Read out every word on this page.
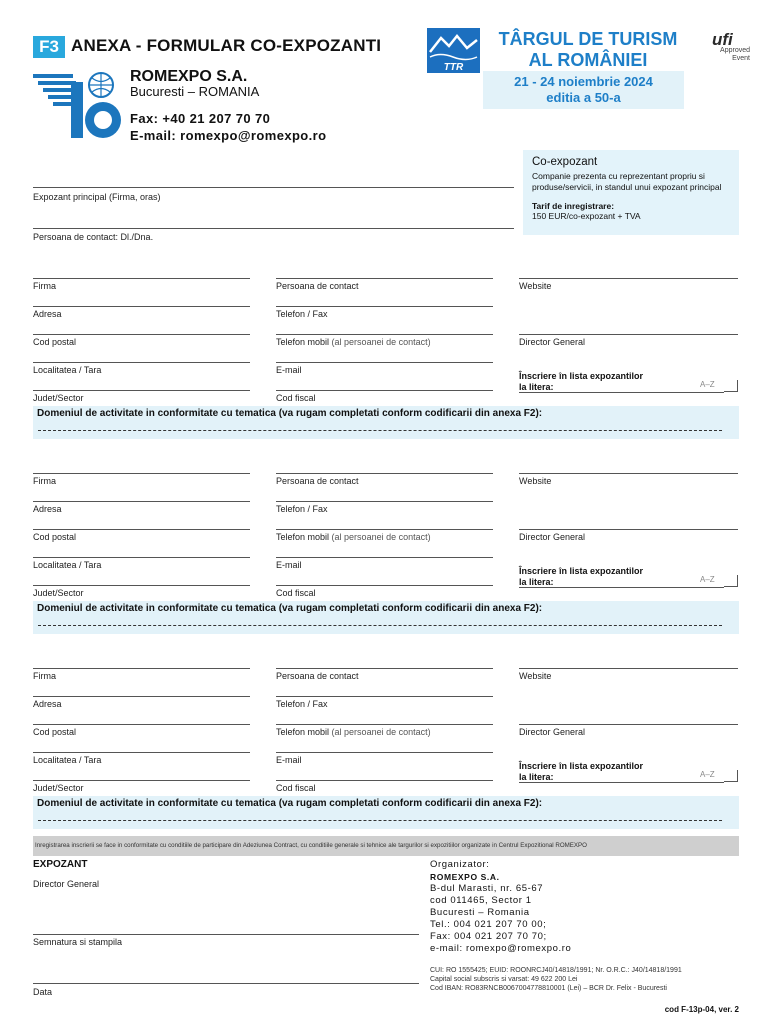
F3 ANEXA - FORMULAR CO-EXPOZANTI
ROMEXPO S.A.
Bucuresti – ROMANIA
Fax: +40 21 207 70 70
E-mail: romexpo@romexpo.ro
TTR
TÂRGUL DE TURISM
AL ROMÂNIEI
ufi
Approved
Event
21 - 24 noiembrie 2024
editia a 50-a
Co-expozant
Companie prezenta cu reprezentant propriu si produse/servicii, in standul unui expozant principal
Tarif de inregistrare:
150 EUR/co-expozant + TVA
Expozant principal (Firma, oras)
Persoana de contact: Dl./Dna.
Firma	Persoana de contact	Website
Adresa	Telefon / Fax
Cod postal	Telefon mobil (al persoanei de contact)	Director General
Localitatea / Tara	E-mail
Înscriere în lista expozantilor
la litera:	A–Z
Judet/Sector	Cod fiscal
Domeniul de activitate in conformitate cu tematica (va rugam completati conform codificarii din anexa F2):
Firma	Persoana de contact	Website
Adresa	Telefon / Fax
Cod postal	Telefon mobil (al persoanei de contact)	Director General
Localitatea / Tara	E-mail
Înscriere în lista expozantilor
la litera:	A–Z
Judet/Sector	Cod fiscal
Domeniul de activitate in conformitate cu tematica (va rugam completati conform codificarii din anexa F2):
Firma	Persoana de contact	Website
Adresa	Telefon / Fax
Cod postal	Telefon mobil (al persoanei de contact)	Director General
Localitatea / Tara	E-mail
Înscriere în lista expozantilor
la litera:	A–Z
Judet/Sector	Cod fiscal
Domeniul de activitate in conformitate cu tematica (va rugam completati conform codificarii din anexa F2):
Inregistrarea inscrierii se face in conformitate cu conditiile de participare din Adeziunea Contract, cu conditiile generale si tehnice ale targurilor si expozitiilor organizate in Centrul Expozitional ROMEXPO
EXPOZANT
Director General
Semnatura si stampila
Data
Organizator:
ROMEXPO S.A.
B-dul Marasti, nr. 65-67
cod 011465, Sector 1
Bucuresti – Romania
Tel.: 004 021 207 70 00;
Fax: 004 021 207 70 70;
e-mail: romexpo@romexpo.ro
CUI: RO 1555425; EUID: ROONRCJ40/14818/1991; Nr. O.R.C.: J40/14818/1991
Capital social subscris si varsat: 49 622 200 Lei
Cod IBAN: RO83RNCB0067004778810001 (Lei) – BCR Dr. Felix - Bucuresti
cod F-13p-04, ver. 2
